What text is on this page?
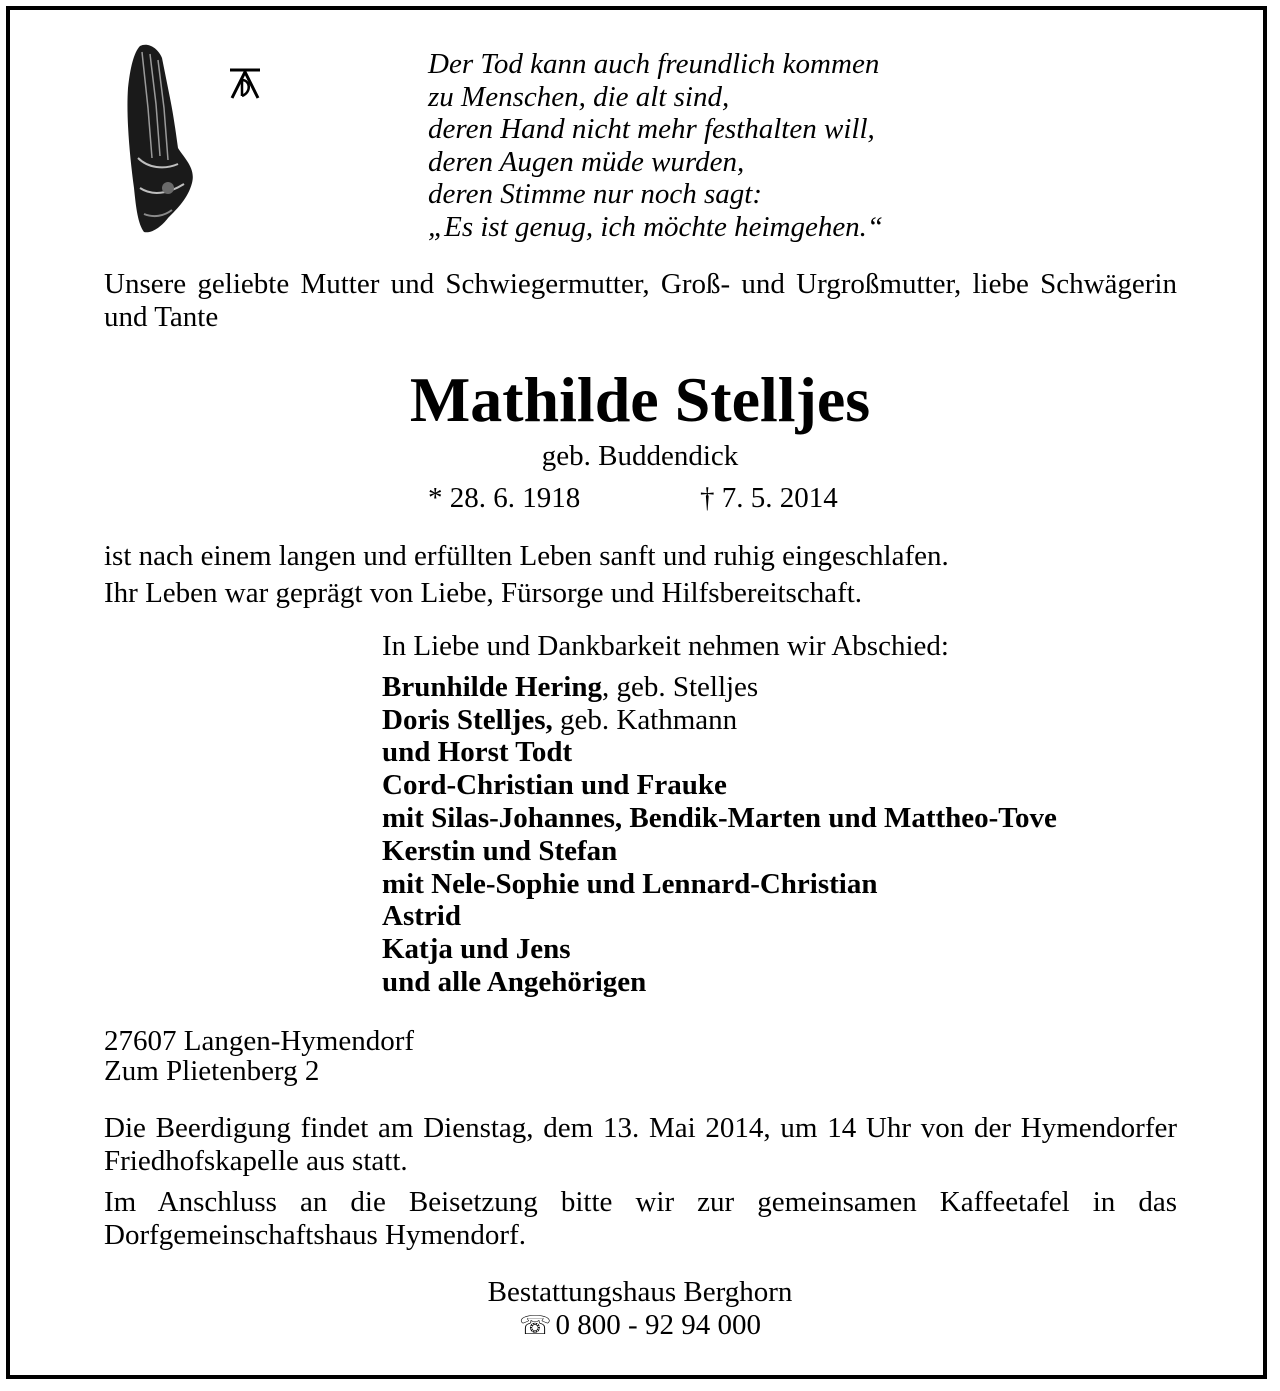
Der Tod kann auch freundlich kommen
zu Menschen, die alt sind,
deren Hand nicht mehr festhalten will,
deren Augen müde wurden,
deren Stimme nur noch sagt:
„Es ist genug, ich möchte heimgehen.“
Unsere geliebte Mutter und Schwiegermutter, Groß- und Urgroßmutter, liebe Schwägerin und Tante
Mathilde Stelljes
geb. Buddendick
* 28. 6. 1918	† 7. 5. 2014
ist nach einem langen und erfüllten Leben sanft und ruhig eingeschlafen.
Ihr Leben war geprägt von Liebe, Fürsorge und Hilfsbereitschaft.
In Liebe und Dankbarkeit nehmen wir Abschied:
Brunhilde Hering, geb. Stelljes
Doris Stelljes, geb. Kathmann
und Horst Todt
Cord-Christian und Frauke
mit Silas-Johannes, Bendik-Marten und Mattheo-Tove
Kerstin und Stefan
mit Nele-Sophie und Lennard-Christian
Astrid
Katja und Jens
und alle Angehörigen
27607 Langen-Hymendorf
Zum Plietenberg 2
Die Beerdigung findet am Dienstag, dem 13. Mai 2014, um 14 Uhr von der Hymendorfer Friedhofskapelle aus statt.
Im Anschluss an die Beisetzung bitte wir zur gemeinsamen Kaffeetafel in das Dorfgemeinschaftshaus Hymendorf.
Bestattungshaus Berghorn
☏ 0 800 - 92 94 000
